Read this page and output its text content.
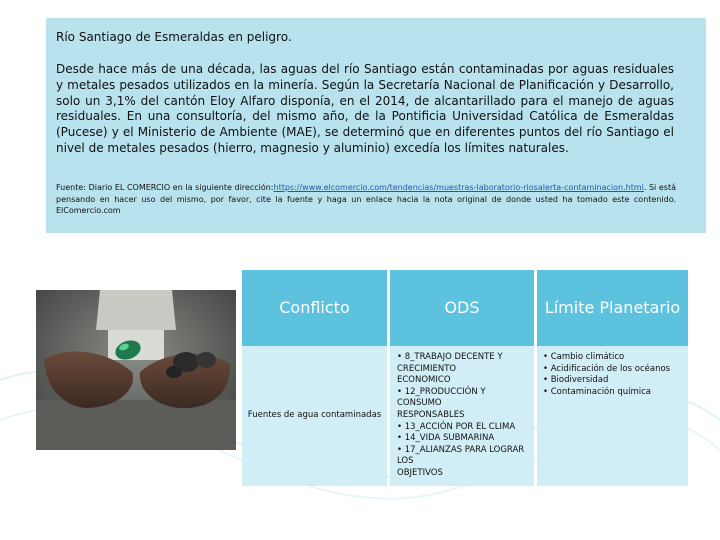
Río Santiago de Esmeraldas en peligro.

Desde hace más de una década, las aguas del río Santiago están contaminadas por aguas residuales y metales pesados utilizados en la minería. Según la Secretaría Nacional de Planificación y Desarrollo, solo un 3,1% del cantón Eloy Alfaro disponía, en el 2014, de alcantarillado para el manejo de aguas residuales. En una consultoría, del mismo año, de la Pontificia Universidad Católica de Esmeraldas (Pucese) y el Ministerio de Ambiente (MAE), se determinó que en diferentes puntos del río Santiago el nivel de metales pesados (hierro, magnesio y aluminio) excedía los límites naturales.

Fuente: Diario EL COMERCIO en la siguiente dirección:https://www.elcomercio.com/tendencias/muestras-laboratorio-riosalerta-contaminacion.html. Si está pensando en hacer uso del mismo, por favor, cite la fuente y haga un enlace hacia la nota original de donde usted ha tomado este contenido. ElComercio.com

Conflicto	ODS	Límite Planetario
Fuentes de agua contaminadas
• 8_TRABAJO DECENTE Y
CRECIMIENTO
ECONOMICO
• 12_PRODUCCIÓN Y
CONSUMO
RESPONSABLES
• 13_ACCIÓN POR EL CLIMA
• 14_VIDA SUBMARINA
• 17_ALIANZAS PARA LOGRAR
LOS
OBJETIVOS
• Cambio climático
• Acidificación de los océanos
• Biodiversidad
• Contaminación química
